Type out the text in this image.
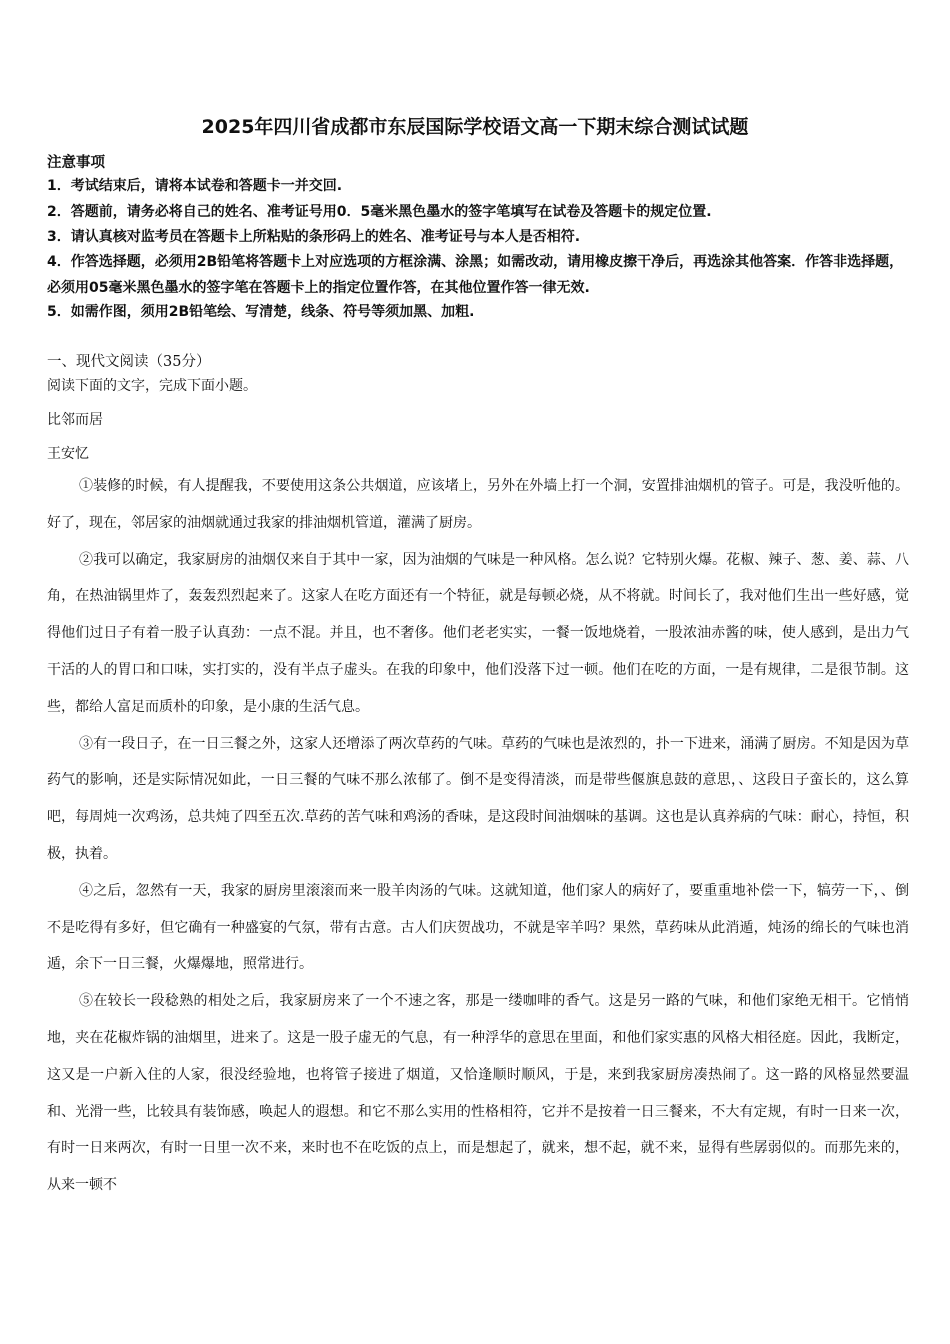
2025年四川省成都市东辰国际学校语文高一下期末综合测试试题
注意事项
1．考试结束后，请将本试卷和答题卡一并交回.
2．答题前，请务必将自己的姓名、准考证号用0．5毫米黑色墨水的签字笔填写在试卷及答题卡的规定位置.
3．请认真核对监考员在答题卡上所粘贴的条形码上的姓名、准考证号与本人是否相符.
4．作答选择题，必须用2B铅笔将答题卡上对应选项的方框涂满、涂黑；如需改动，请用橡皮擦干净后，再选涂其他答案．作答非选择题，必须用05毫米黑色墨水的签字笔在答题卡上的指定位置作答，在其他位置作答一律无效.
5．如需作图，须用2B铅笔绘、写清楚，线条、符号等须加黑、加粗.
一、现代文阅读（35分）
阅读下面的文字，完成下面小题。
比邻而居
王安忆

①装修的时候，有人提醒我，不要使用这条公共烟道，应该堵上，另外在外墙上打一个洞，安置排油烟机的管子。可是，我没听他的。好了，现在，邻居家的油烟就通过我家的排油烟机管道，灌满了厨房。

②我可以确定，我家厨房的油烟仅来自于其中一家，因为油烟的气味是一种风格。怎么说？它特别火爆。花椒、辣子、葱、姜、蒜、八角，在热油锅里炸了，轰轰烈烈起来了。这家人在吃方面还有一个特征，就是每顿必烧，从不将就。时间长了，我对他们生出一些好感，觉得他们过日子有着一股子认真劲：一点不混。并且，也不奢侈。他们老老实实，一餐一饭地烧着，一股浓油赤酱的味，使人感到，是出力气干活的人的胃口和口味，实打实的，没有半点子虚头。在我的印象中，他们没落下过一顿。他们在吃的方面，一是有规律，二是很节制。这些，都给人富足而质朴的印象，是小康的生活气息。

③有一段日子，在一日三餐之外，这家人还增添了两次草药的气味。草药的气味也是浓烈的，扑一下进来，涌满了厨房。不知是因为草药气的影响，还是实际情况如此，一日三餐的气味不那么浓郁了。倒不是变得清淡，而是带些偃旗息鼓的意思，、这段日子蛮长的，这么算吧，每周炖一次鸡汤，总共炖了四至五次.草药的苦气味和鸡汤的香味，是这段时间油烟味的基调。这也是认真养病的气味：耐心，持恒，积极，执着。

④之后，忽然有一天，我家的厨房里滚滚而来一股羊肉汤的气味。这就知道，他们家人的病好了，要重重地补偿一下，犒劳一下，、倒不是吃得有多好，但它确有一种盛宴的气氛，带有古意。古人们庆贺战功，不就是宰羊吗？果然，草药味从此消遁，炖汤的绵长的气味也消遁，余下一日三餐，火爆爆地，照常进行。

⑤在较长一段稔熟的相处之后，我家厨房来了一个不速之客，那是一缕咖啡的香气。这是另一路的气味，和他们家绝无相干。它悄悄地，夹在花椒炸锅的油烟里，进来了。这是一股子虚无的气息，有一种浮华的意思在里面，和他们家实惠的风格大相径庭。因此，我断定，这又是一户新入住的人家，很没经验地，也将管子接进了烟道，又恰逢顺时顺风，于是，来到我家厨房凑热闹了。这一路的风格显然要温和、光滑一些，比较具有装饰感，唤起人的遐想。和它不那么实用的性格相符，它并不是按着一日三餐来，不大有定规，有时一日来一次，有时一日来两次，有时一日里一次不来，来时也不在吃饭的点上，而是想起了，就来，想不起，就不来，显得有些孱弱似的。而那先来的，从来一顿不
